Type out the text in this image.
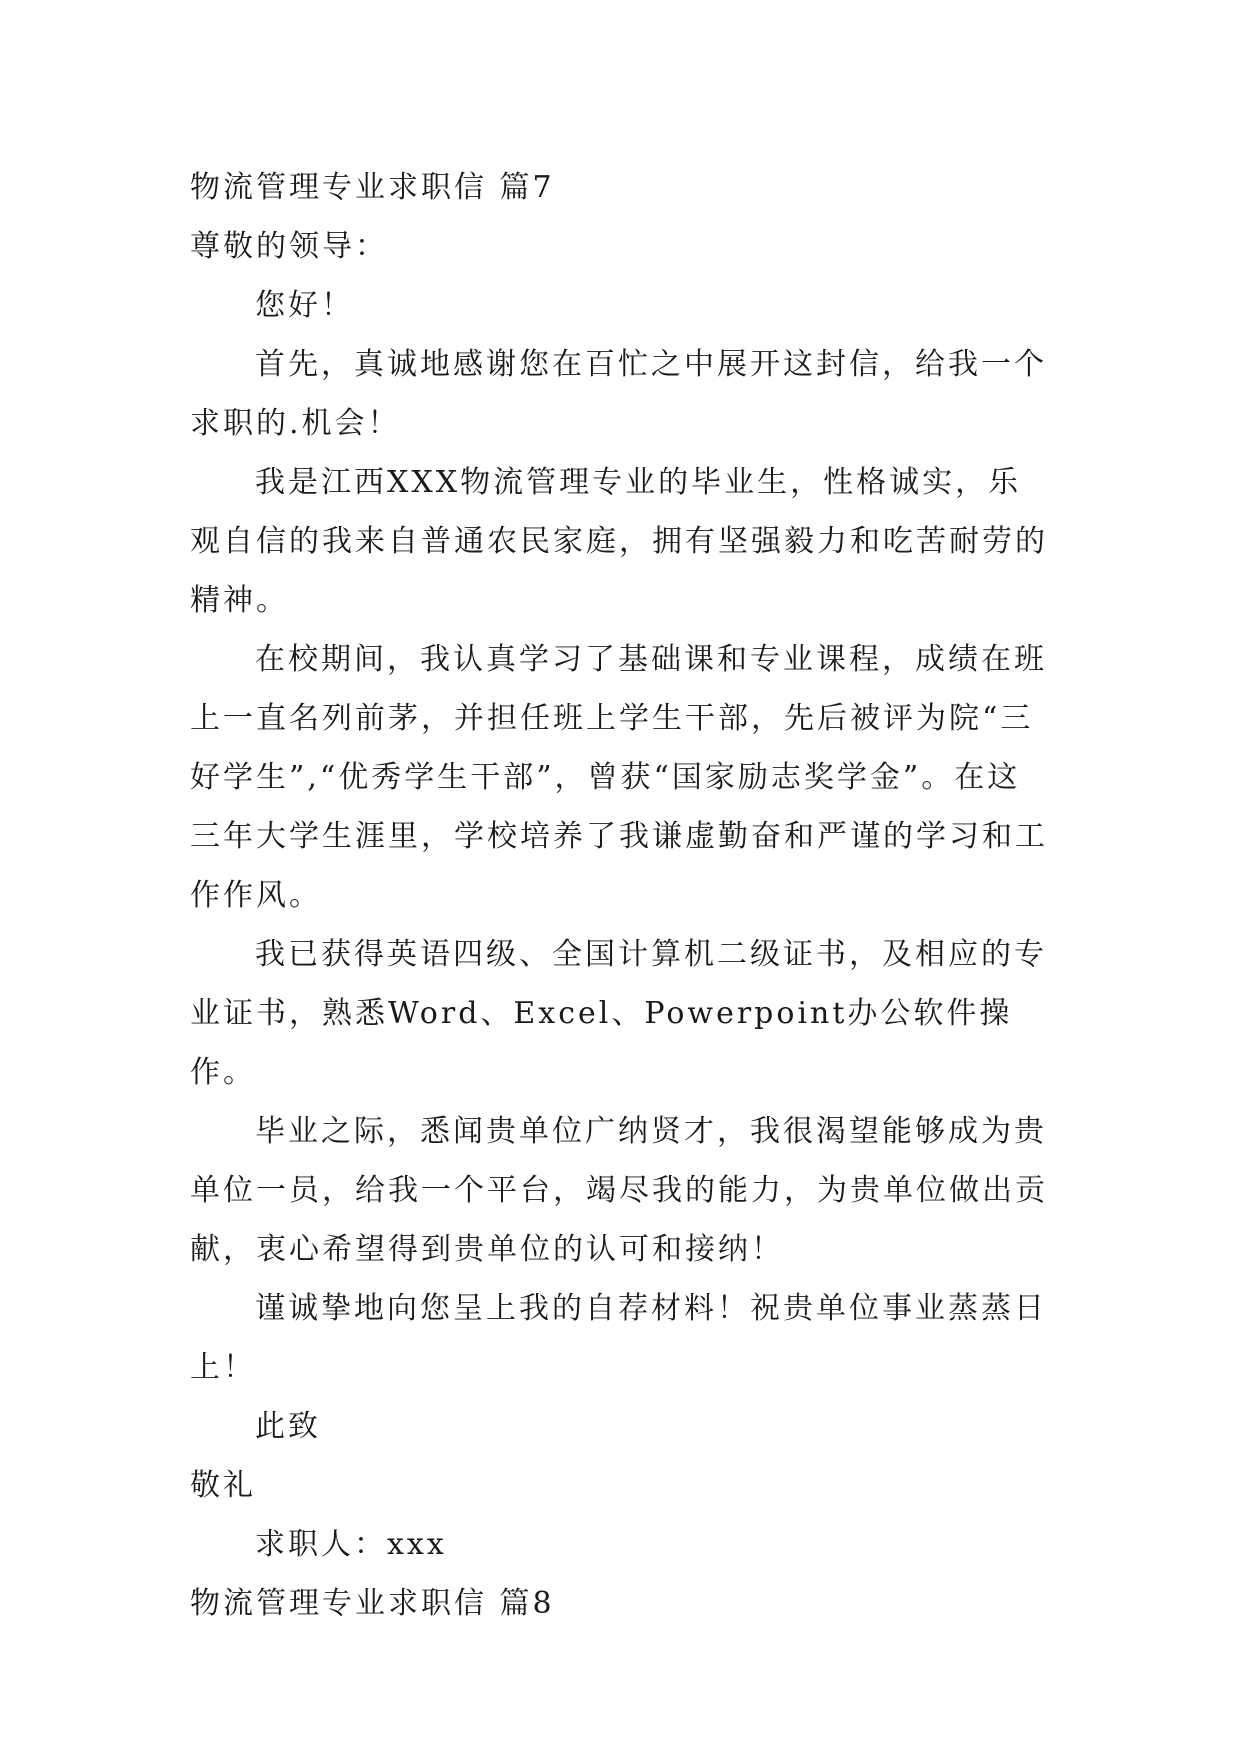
物流管理专业求职信 篇7

尊敬的领导：

您好！

首先，真诚地感谢您在百忙之中展开这封信，给我一个求职的.机会！

我是江西XXX物流管理专业的毕业生，性格诚实，乐观自信的我来自普通农民家庭，拥有坚强毅力和吃苦耐劳的精神。

在校期间，我认真学习了基础课和专业课程，成绩在班上一直名列前茅，并担任班上学生干部，先后被评为院“三好学生”,“优秀学生干部”，曾获“国家励志奖学金”。在这三年大学生涯里，学校培养了我谦虚勤奋和严谨的学习和工作作风。

我已获得英语四级、全国计算机二级证书，及相应的专业证书，熟悉Word、Excel、Powerpoint办公软件操作。

毕业之际，悉闻贵单位广纳贤才，我很渴望能够成为贵单位一员，给我一个平台，竭尽我的能力，为贵单位做出贡献，衷心希望得到贵单位的认可和接纳！

谨诚挚地向您呈上我的自荐材料！祝贵单位事业蒸蒸日上！

此致

敬礼

求职人：xxx

物流管理专业求职信 篇8
